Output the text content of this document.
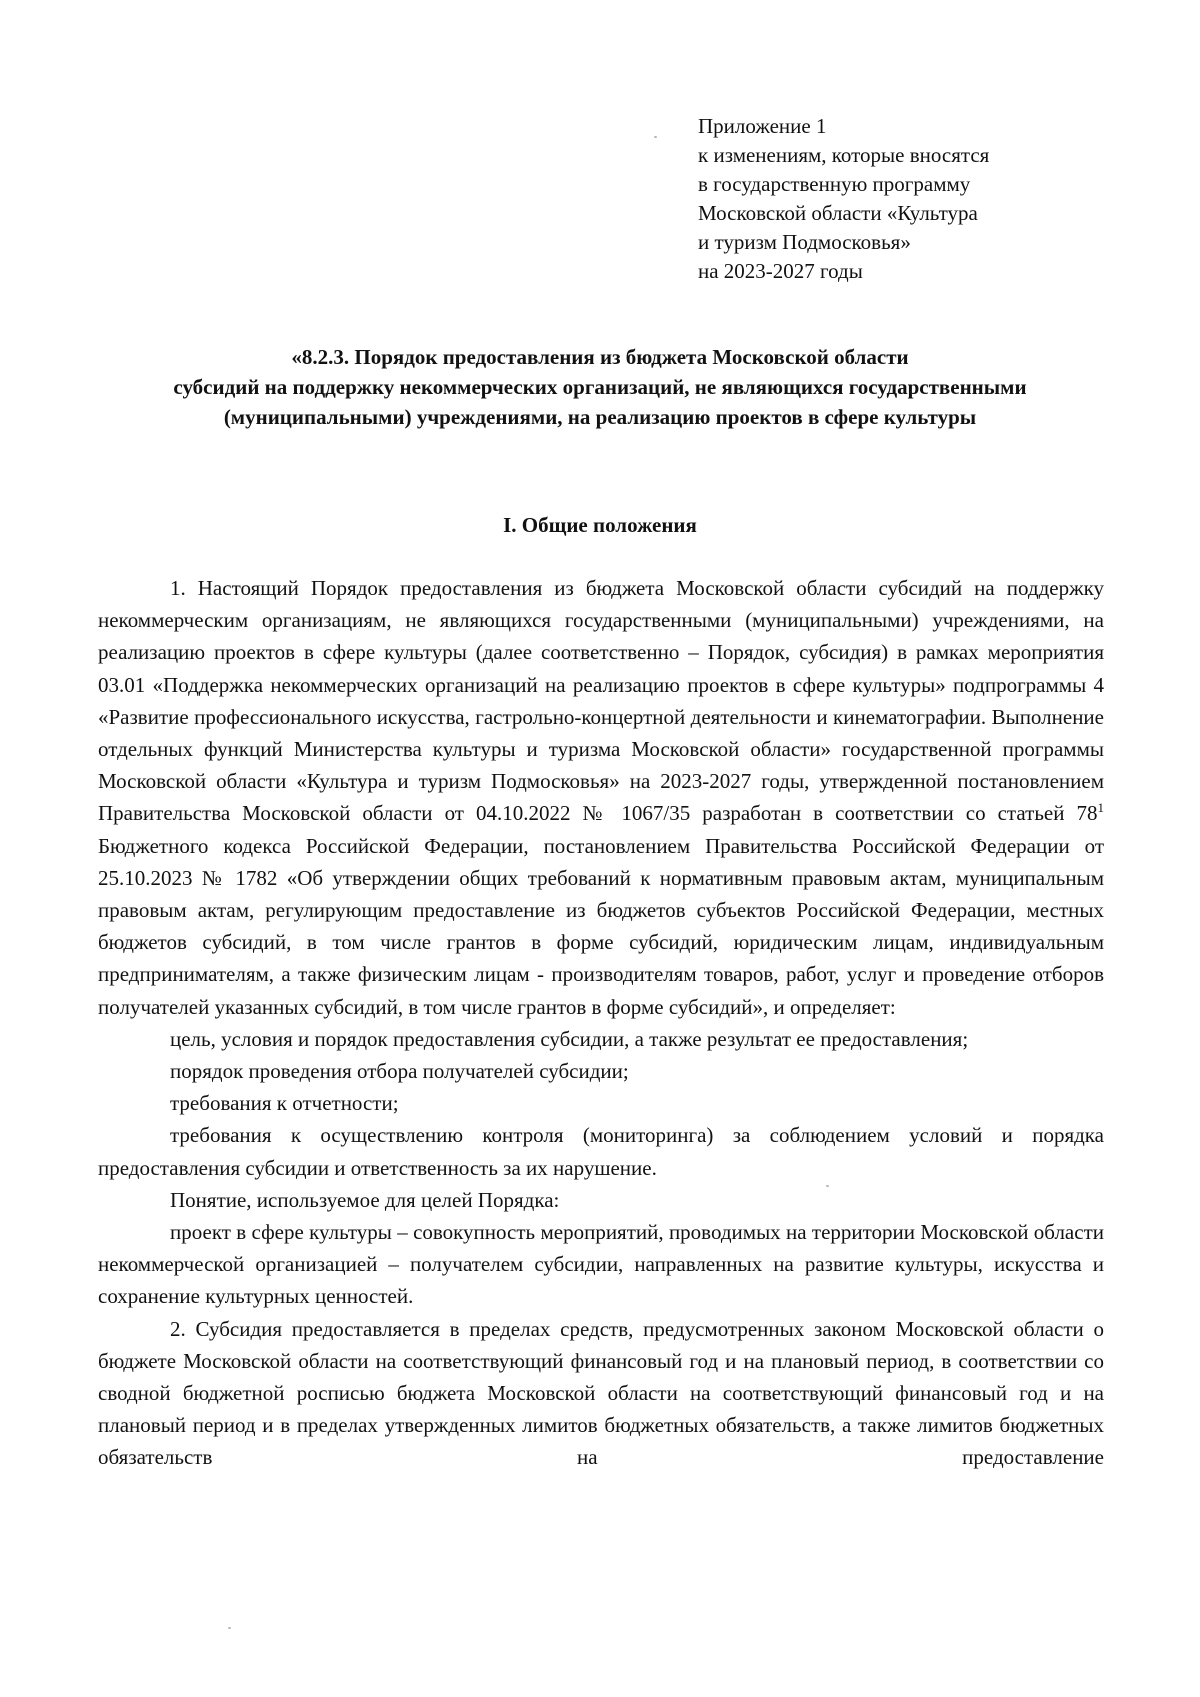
Приложение 1
к изменениям, которые вносятся
в государственную программу
Московской области «Культура
и туризм Подмосковья»
на 2023-2027 годы
«8.2.3. Порядок предоставления из бюджета Московской области
субсидий на поддержку некоммерческих организаций, не являющихся государственными
(муниципальными) учреждениями, на реализацию проектов в сфере культуры
I. Общие положения

1. Настоящий Порядок предоставления из бюджета Московской области субсидий на поддержку некоммерческим организациям, не являющихся государственными (муниципальными) учреждениями, на реализацию проектов в сфере культуры (далее соответственно – Порядок, субсидия) в рамках мероприятия 03.01 «Поддержка некоммерческих организаций на реализацию проектов в сфере культуры» подпрограммы 4 «Развитие профессионального искусства, гастрольно-концертной деятельности и кинематографии. Выполнение отдельных функций Министерства культуры и туризма Московской области» государственной программы Московской области «Культура и туризм Подмосковья» на 2023-2027 годы, утвержденной постановлением Правительства Московской области от 04.10.2022 № 1067/35 разработан в соответствии со статьей $78^1$ Бюджетного кодекса Российской Федерации, постановлением Правительства Российской Федерации от 25.10.2023 № 1782 «Об утверждении общих требований к нормативным правовым актам, муниципальным правовым актам, регулирующим предоставление из бюджетов субъектов Российской Федерации, местных бюджетов субсидий, в том числе грантов в форме субсидий, юридическим лицам, индивидуальным предпринимателям, а также физическим лицам - производителям товаров, работ, услуг и проведение отборов получателей указанных субсидий, в том числе грантов в форме субсидий», и определяет:

цель, условия и порядок предоставления субсидии, а также результат ее предоставления;

порядок проведения отбора получателей субсидии;

требования к отчетности;

требования к осуществлению контроля (мониторинга) за соблюдением условий и порядка предоставления субсидии и ответственность за их нарушение.

Понятие, используемое для целей Порядка:

проект в сфере культуры – совокупность мероприятий, проводимых на территории Московской области некоммерческой организацией – получателем субсидии, направленных на развитие культуры, искусства и сохранение культурных ценностей.

2. Субсидия предоставляется в пределах средств, предусмотренных законом Московской области о бюджете Московской области на соответствующий финансовый год и на плановый период, в соответствии со сводной бюджетной росписью бюджета Московской области на соответствующий финансовый год и на плановый период и в пределах утвержденных лимитов бюджетных обязательств, а также лимитов бюджетных обязательств на предоставление
